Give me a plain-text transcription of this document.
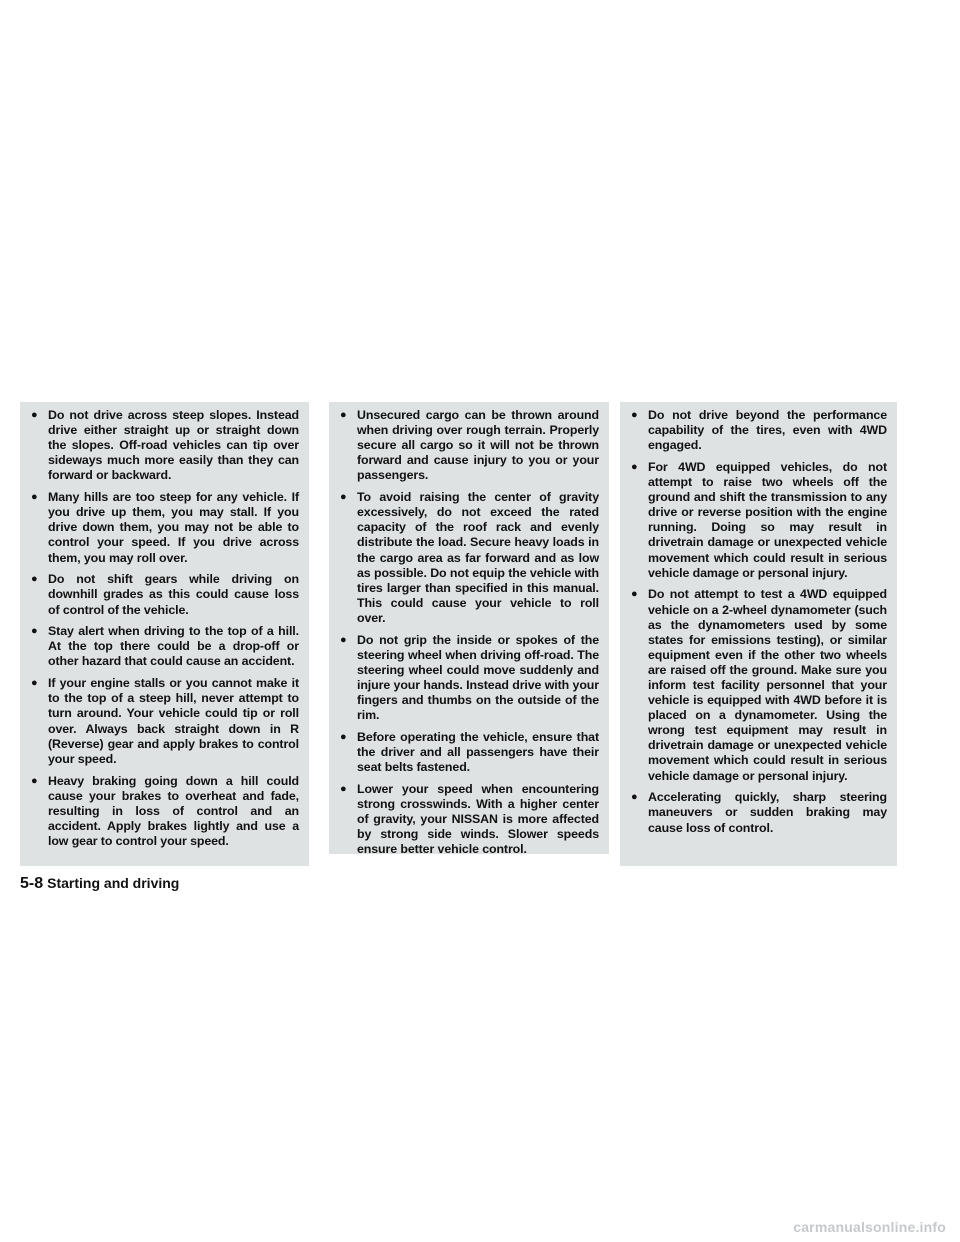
● Do not drive across steep slopes. Instead drive either straight up or straight down the slopes. Off-road vehicles can tip over sideways much more easily than they can forward or backward.
● Many hills are too steep for any vehicle. If you drive up them, you may stall. If you drive down them, you may not be able to control your speed. If you drive across them, you may roll over.
● Do not shift gears while driving on downhill grades as this could cause loss of control of the vehicle.
● Stay alert when driving to the top of a hill. At the top there could be a drop-off or other hazard that could cause an accident.
● If your engine stalls or you cannot make it to the top of a steep hill, never attempt to turn around. Your vehicle could tip or roll over. Always back straight down in R (Reverse) gear and apply brakes to control your speed.
● Heavy braking going down a hill could cause your brakes to overheat and fade, resulting in loss of control and an accident. Apply brakes lightly and use a low gear to control your speed.
● Unsecured cargo can be thrown around when driving over rough terrain. Properly secure all cargo so it will not be thrown forward and cause injury to you or your passengers.
● To avoid raising the center of gravity excessively, do not exceed the rated capacity of the roof rack and evenly distribute the load. Secure heavy loads in the cargo area as far forward and as low as possible. Do not equip the vehicle with tires larger than specified in this manual. This could cause your vehicle to roll over.
● Do not grip the inside or spokes of the steering wheel when driving off-road. The steering wheel could move suddenly and injure your hands. Instead drive with your fingers and thumbs on the outside of the rim.
● Before operating the vehicle, ensure that the driver and all passengers have their seat belts fastened.
● Lower your speed when encountering strong crosswinds. With a higher center of gravity, your NISSAN is more affected by strong side winds. Slower speeds ensure better vehicle control.
● Do not drive beyond the performance capability of the tires, even with 4WD engaged.
● For 4WD equipped vehicles, do not attempt to raise two wheels off the ground and shift the transmission to any drive or reverse position with the engine running. Doing so may result in drivetrain damage or unexpected vehicle movement which could result in serious vehicle damage or personal injury.
● Do not attempt to test a 4WD equipped vehicle on a 2-wheel dynamometer (such as the dynamometers used by some states for emissions testing), or similar equipment even if the other two wheels are raised off the ground. Make sure you inform test facility personnel that your vehicle is equipped with 4WD before it is placed on a dynamometer. Using the wrong test equipment may result in drivetrain damage or unexpected vehicle movement which could result in serious vehicle damage or personal injury.
● Accelerating quickly, sharp steering maneuvers or sudden braking may cause loss of control.
5-8 Starting and driving
carmanualsonline.info
